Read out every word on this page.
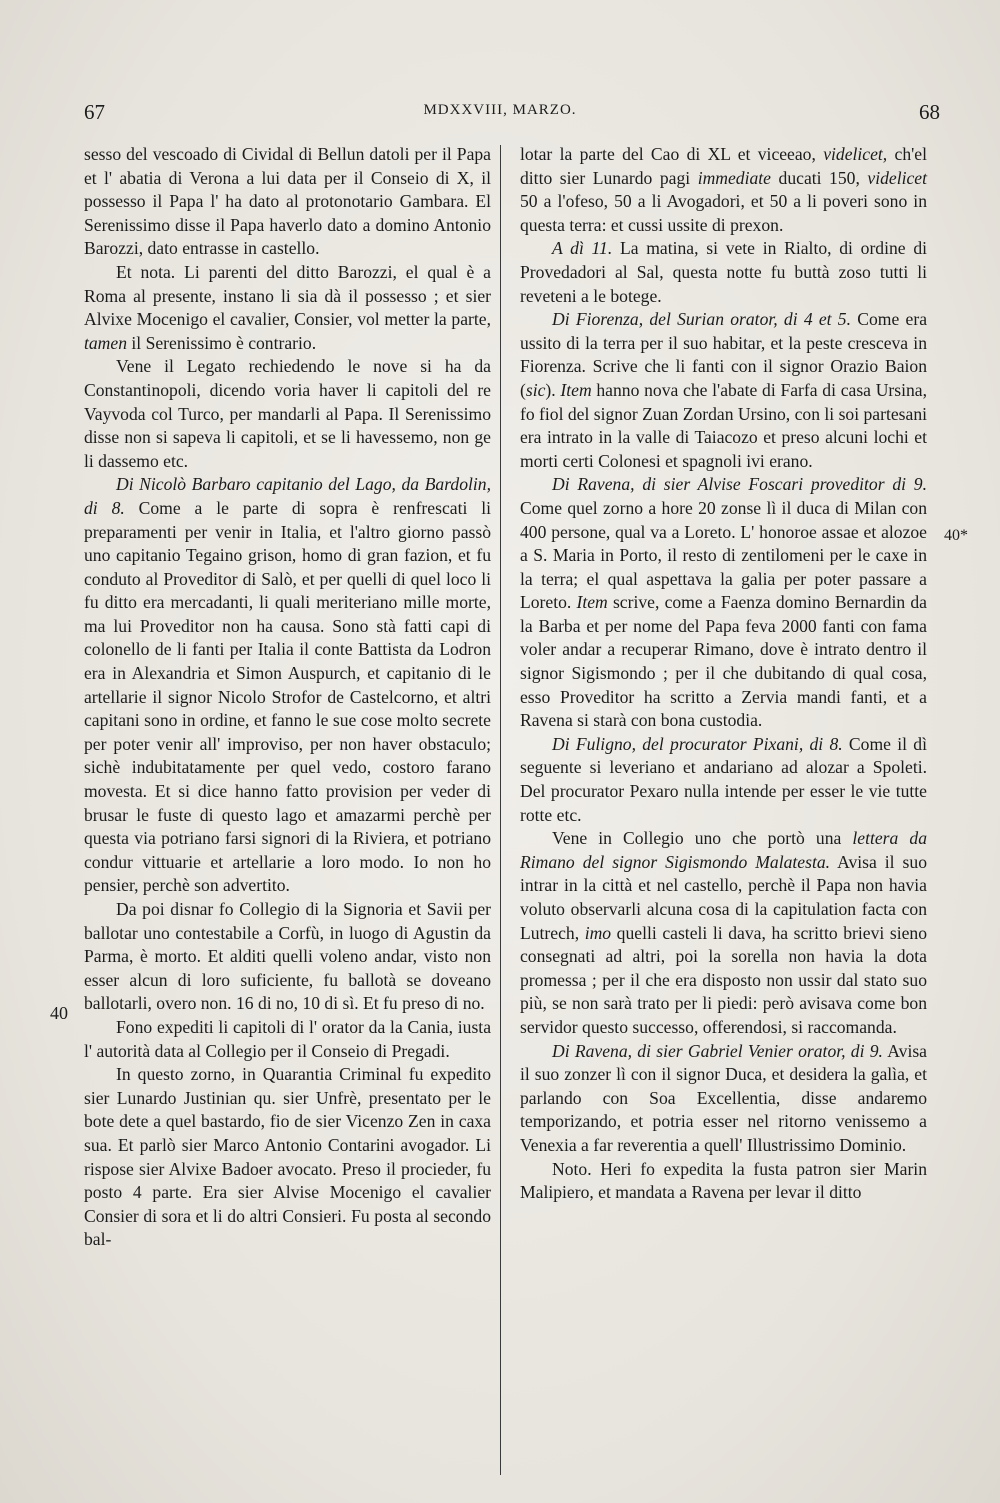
67	MDXXVIII, MARZO.	68
40
40*

sesso del vescoado di Cividal di Bellun datoli per il Papa et l' abatia di Verona a lui data per il Conseio di X, il possesso il Papa l' ha dato al protonotario Gambara. El Serenissimo disse il Papa haverlo dato a domino Antonio Barozzi, dato entrasse in castello.

Et nota. Li parenti del ditto Barozzi, el qual è a Roma al presente, instano li sia dà il possesso ; et sier Alvixe Mocenigo el cavalier, Consier, vol metter la parte, tamen il Serenissimo è contrario.

Vene il Legato rechiedendo le nove si ha da Constantinopoli, dicendo voria haver li capitoli del re Vayvoda col Turco, per mandarli al Papa. Il Serenissimo disse non si sapeva li capitoli, et se li havessemo, non ge li dassemo etc.

Di Nicolò Barbaro capitanio del Lago, da Bardolin, di 8. Come a le parte di sopra è renfrescati li preparamenti per venir in Italia, et l'altro giorno passò uno capitanio Tegaino grison, homo di gran fazion, et fu conduto al Proveditor di Salò, et per quelli di quel loco li fu ditto era mercadanti, li quali meriteriano mille morte, ma lui Proveditor non ha causa. Sono stà fatti capi di colonello de li fanti per Italia il conte Battista da Lodron era in Alexandria et Simon Auspurch, et capitanio di le artellarie il signor Nicolo Strofor de Castelcorno, et altri capitani sono in ordine, et fanno le sue cose molto secrete per poter venir all' improviso, per non haver obstaculo; sichè indubitatamente per quel vedo, costoro farano movesta. Et si dice hanno fatto provision per veder di brusar le fuste di questo lago et amazarmi perchè per questa via potriano farsi signori di la Riviera, et potriano condur vittuarie et artellarie a loro modo. Io non ho pensier, perchè son advertito.

Da poi disnar fo Collegio di la Signoria et Savii per ballotar uno contestabile a Corfù, in luogo di Agustin da Parma, è morto. Et alditi quelli voleno andar, visto non esser alcun di loro suficiente, fu ballotà se doveano ballotarli, overo non. 16 di no, 10 di sì. Et fu preso di no.

Fono expediti li capitoli di l' orator da la Cania, iusta l' autorità data al Collegio per il Conseio di Pregadi.

In questo zorno, in Quarantia Criminal fu expedito sier Lunardo Justinian qu. sier Unfrè, presentato per le bote dete a quel bastardo, fio de sier Vicenzo Zen in caxa sua. Et parlò sier Marco Antonio Contarini avogador. Li rispose sier Alvixe Badoer avocato. Preso il procieder, fu posto 4 parte. Era sier Alvise Mocenigo el cavalier Consier di sora et li do altri Consieri. Fu posta al secondo bal-

lotar la parte del Cao di XL et viceeao, videlicet, ch'el ditto sier Lunardo pagi immediate ducati 150, videlicet 50 a l'ofeso, 50 a li Avogadori, et 50 a li poveri sono in questa terra: et cussi ussite di prexon.

A dì 11. La matina, si vete in Rialto, di ordine di Provedadori al Sal, questa notte fu buttà zoso tutti li reveteni a le botege.

Di Fiorenza, del Surian orator, di 4 et 5. Come era ussito di la terra per il suo habitar, et la peste cresceva in Fiorenza. Scrive che li fanti con il signor Orazio Baion (sic). Item hanno nova che l'abate di Farfa di casa Ursina, fo fiol del signor Zuan Zordan Ursino, con li soi partesani era intrato in la valle di Taiacozo et preso alcuni lochi et morti certi Colonesi et spagnoli ivi erano.

Di Ravena, di sier Alvise Foscari proveditor di 9. Come quel zorno a hore 20 zonse lì il duca di Milan con 400 persone, qual va a Loreto. L' honoroe assae et alozoe a S. Maria in Porto, il resto di zentilomeni per le caxe in la terra; el qual aspettava la galia per poter passare a Loreto. Item scrive, come a Faenza domino Bernardin da la Barba et per nome del Papa feva 2000 fanti con fama voler andar a recuperar Rimano, dove è intrato dentro il signor Sigismondo ; per il che dubitando di qual cosa, esso Proveditor ha scritto a Zervia mandi fanti, et a Ravena si starà con bona custodia.

Di Fuligno, del procurator Pixani, di 8. Come il dì seguente si leveriano et andariano ad alozar a Spoleti. Del procurator Pexaro nulla intende per esser le vie tutte rotte etc.

Vene in Collegio uno che portò una lettera da Rimano del signor Sigismondo Malatesta. Avisa il suo intrar in la città et nel castello, perchè il Papa non havia voluto observarli alcuna cosa di la capitulation facta con Lutrech, imo quelli casteli li dava, ha scritto brievi sieno consegnati ad altri, poi la sorella non havia la dota promessa ; per il che era disposto non ussir dal stato suo più, se non sarà trato per li piedi: però avisava come bon servidor questo successo, offerendosi, si raccomanda.

Di Ravena, di sier Gabriel Venier orator, di 9. Avisa il suo zonzer lì con il signor Duca, et desidera la galìa, et parlando con Soa Excellentia, disse andaremo temporizando, et potria esser nel ritorno venissemo a Venexia a far reverentia a quell' Illustrissimo Dominio.

Noto. Heri fo expedita la fusta patron sier Marin Malipiero, et mandata a Ravena per levar il ditto
